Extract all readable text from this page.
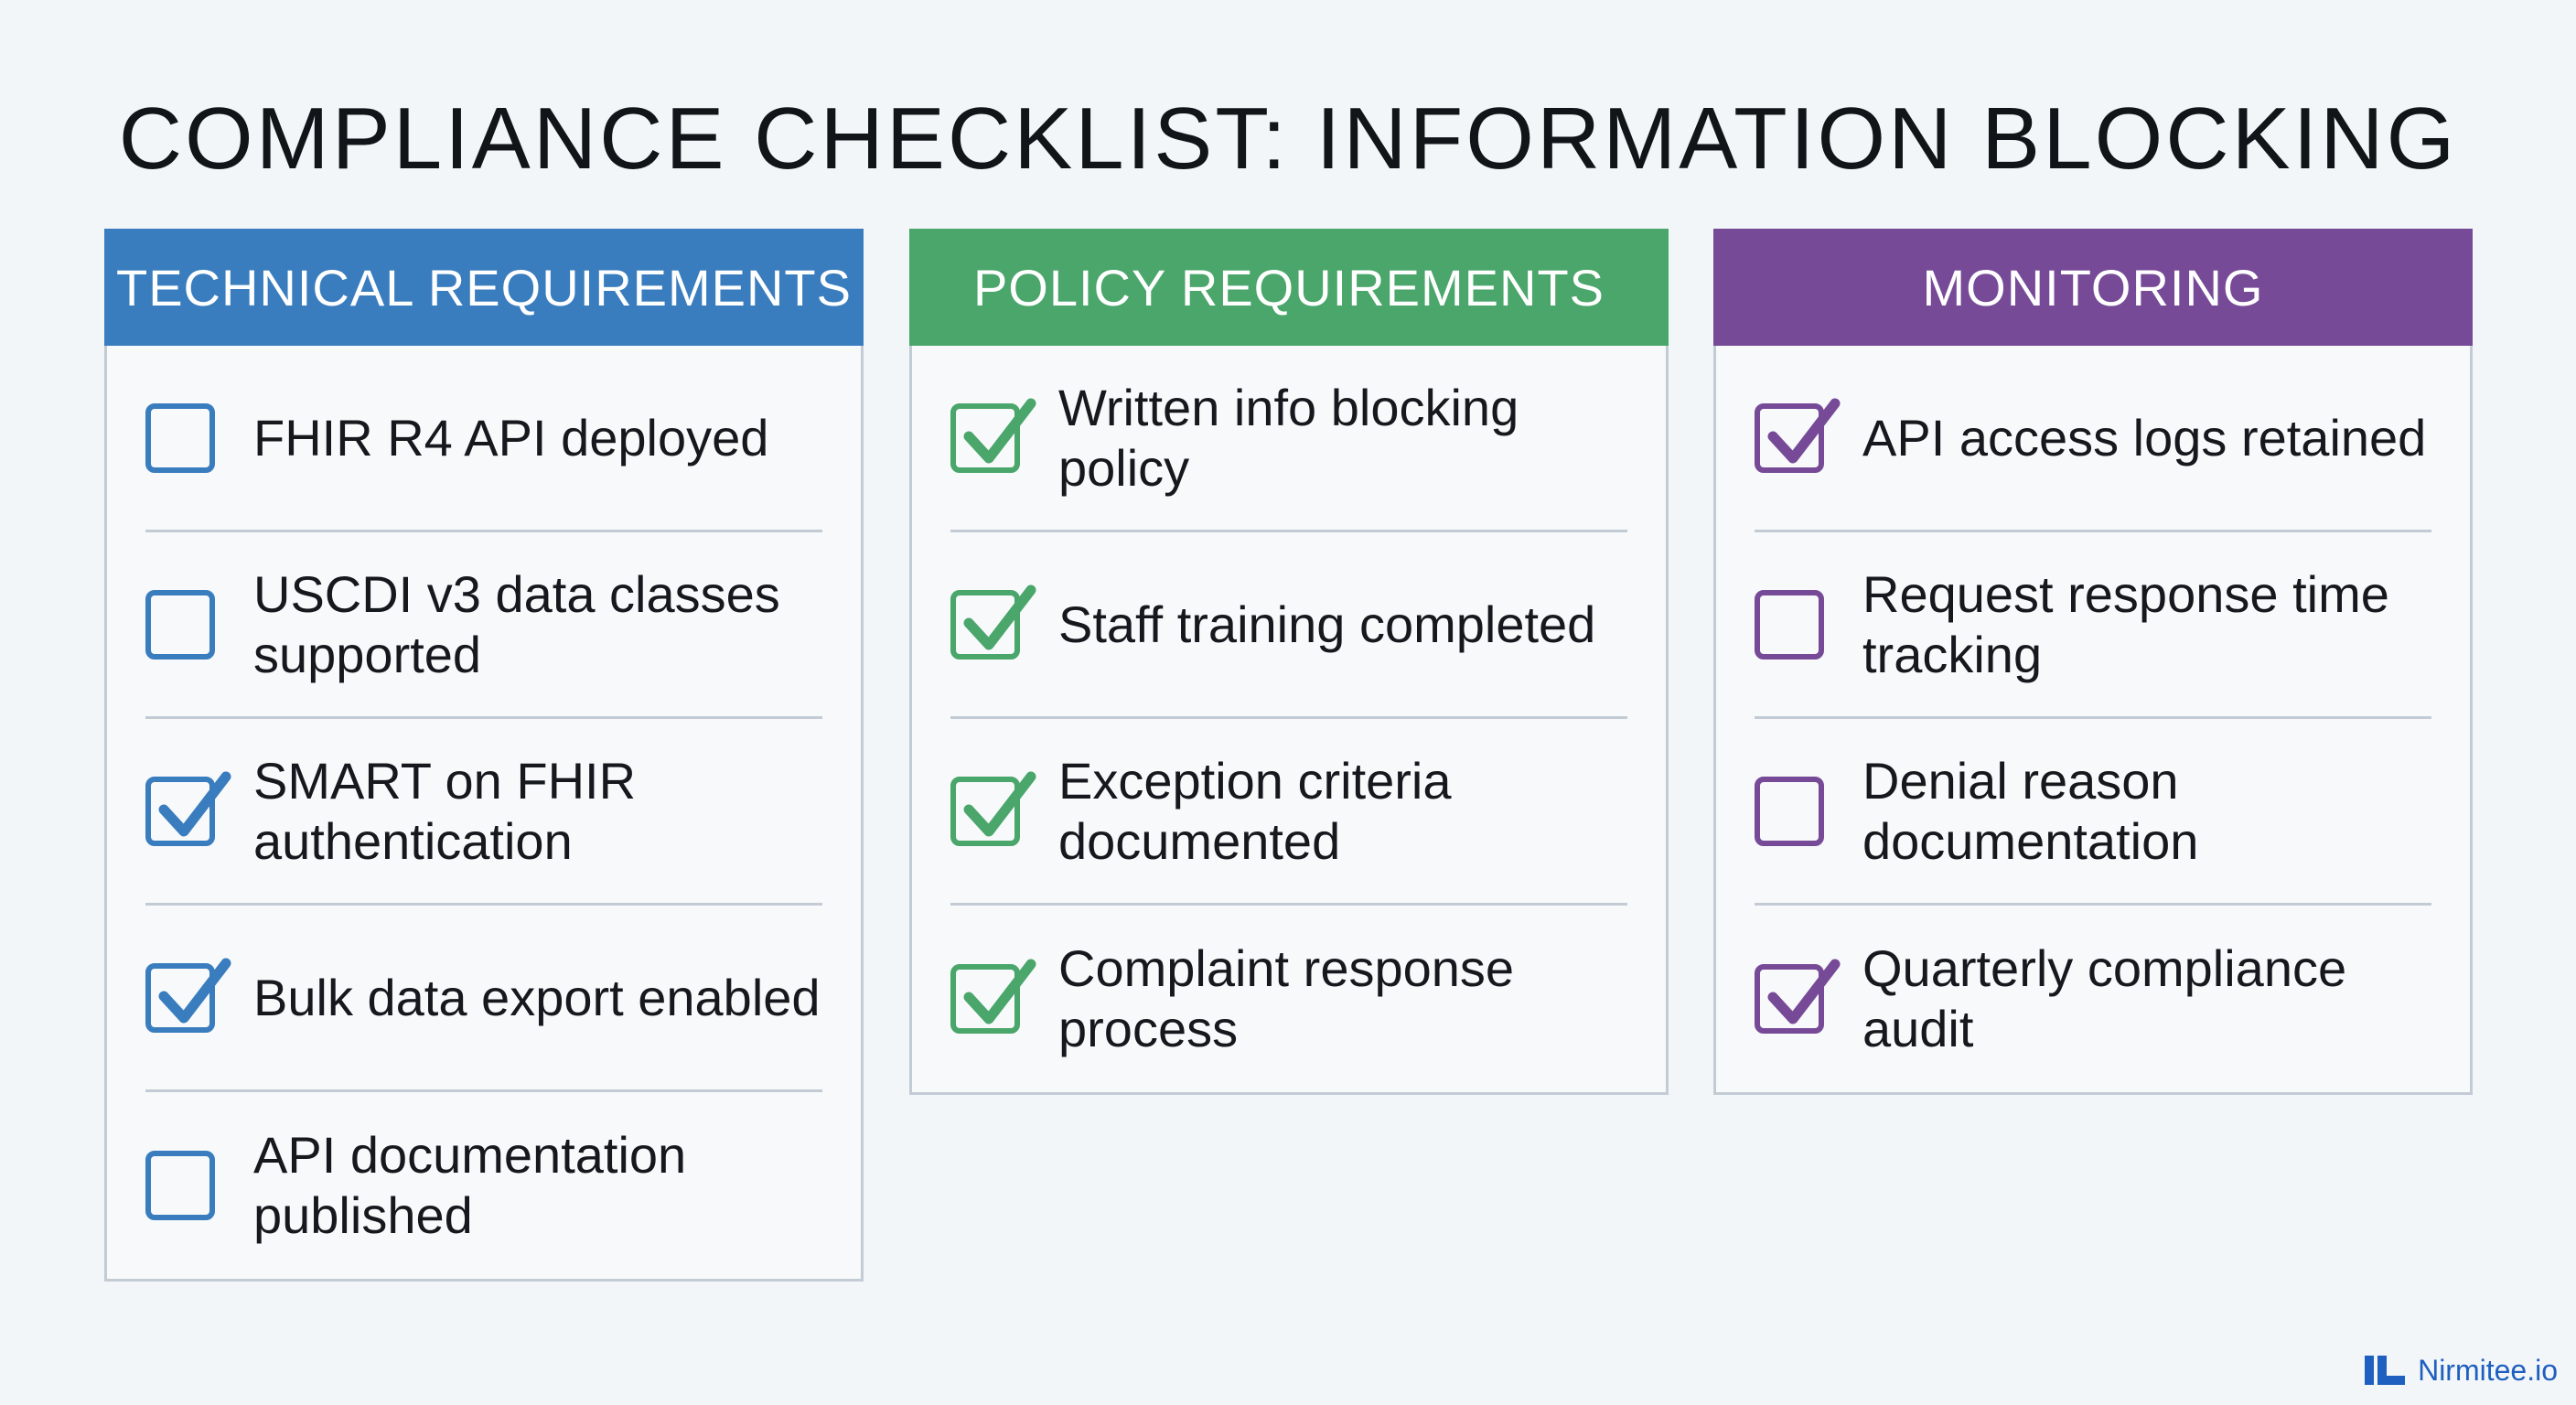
COMPLIANCE CHECKLIST: INFORMATION BLOCKING
TECHNICAL REQUIREMENTS
FHIR R4 API deployed
USCDI v3 data classes supported
SMART on FHIR authentication
Bulk data export enabled
API documentation published
POLICY REQUIREMENTS
Written info blocking policy
Staff training completed
Exception criteria documented
Complaint response process
MONITORING
API access logs retained
Request response time tracking
Denial reason documentation
Quarterly compliance audit
Nirmitee.io
